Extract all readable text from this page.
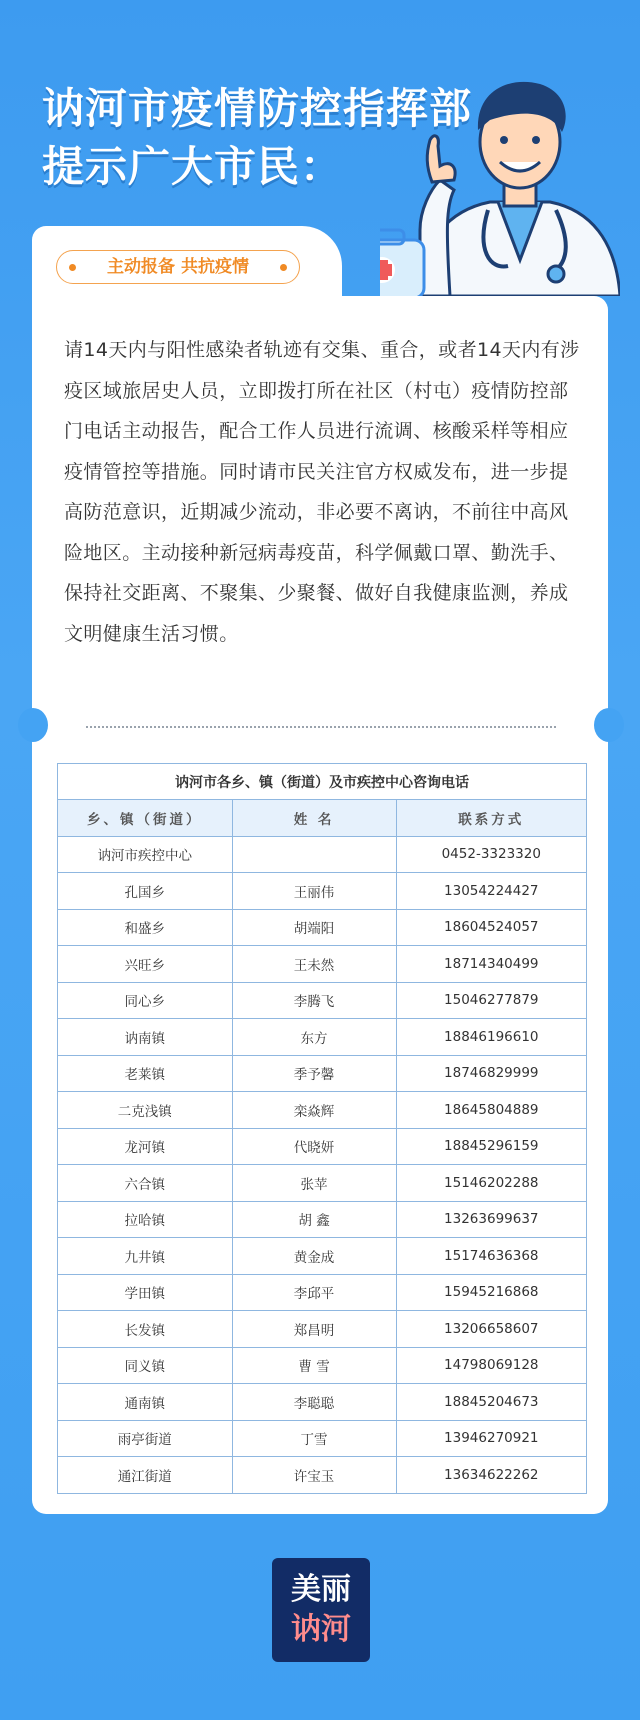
讷河市疫情防控指挥部
提示广大市民：
主动报备 共抗疫情

请14天内与阳性感染者轨迹有交集、重合，或者14天内有涉疫区域旅居史人员，立即拨打所在社区（村屯）疫情防控部门电话主动报告，配合工作人员进行流调、核酸采样等相应疫情管控等措施。同时请市民关注官方权威发布，进一步提高防范意识，近期减少流动，非必要不离讷，不前往中高风险地区。主动接种新冠病毒疫苗，科学佩戴口罩、勤洗手、保持社交距离、不聚集、少聚餐、做好自我健康监测，养成文明健康生活习惯。

讷河市各乡、镇（街道）及市疾控中心咨询电话		
乡、镇（街道）	姓 名	联系方式
讷河市疾控中心		0452-3323320
孔国乡	王丽伟	13054224427
和盛乡	胡端阳	18604524057
兴旺乡	王未然	18714340499
同心乡	李腾飞	15046277879
讷南镇	东方	18846196610
老莱镇	季予馨	18746829999
二克浅镇	栾焱辉	18645804889
龙河镇	代晓妍	18845296159
六合镇	张苹	15146202288
拉哈镇	胡 鑫	13263699637
九井镇	黄金成	15174636368
学田镇	李邱平	15945216868
长发镇	郑昌明	13206658607
同义镇	曹 雪	14798069128
通南镇	李聪聪	18845204673
雨亭街道	丁雪	13946270921
通江街道	许宝玉	13634622262
美丽
讷河
